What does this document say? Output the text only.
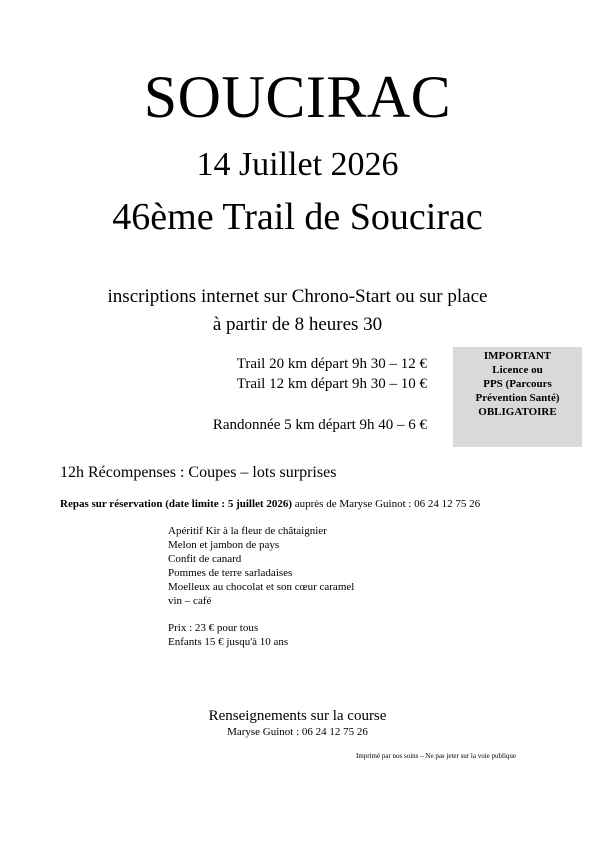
SOUCIRAC
14 Juillet 2026
46ème Trail de Soucirac
inscriptions internet sur Chrono-Start ou sur place
à partir de 8 heures 30
Trail 20 km départ 9h 30 – 12 €
Trail 12 km départ 9h 30 – 10 €
Randonnée 5 km départ 9h 40 – 6 €
IMPORTANT
Licence ou
PPS (Parcours
Prévention Santé)
OBLIGATOIRE
12h Récompenses : Coupes – lots surprises
Repas sur réservation (date limite : 5 juillet 2026) auprès de Maryse Guinot : 06 24 12 75 26
Apéritif Kir à la fleur de châtaignier
Melon et jambon de pays
Confit de canard
Pommes de terre sarladaises
Moelleux au chocolat et son cœur caramel
vin – café
Prix : 23 € pour tous
Enfants 15 € jusqu'à 10 ans
Renseignements sur la course
Maryse Guinot : 06 24 12 75 26
Imprimé par nos soins – Ne pas jeter sur la voie publique
